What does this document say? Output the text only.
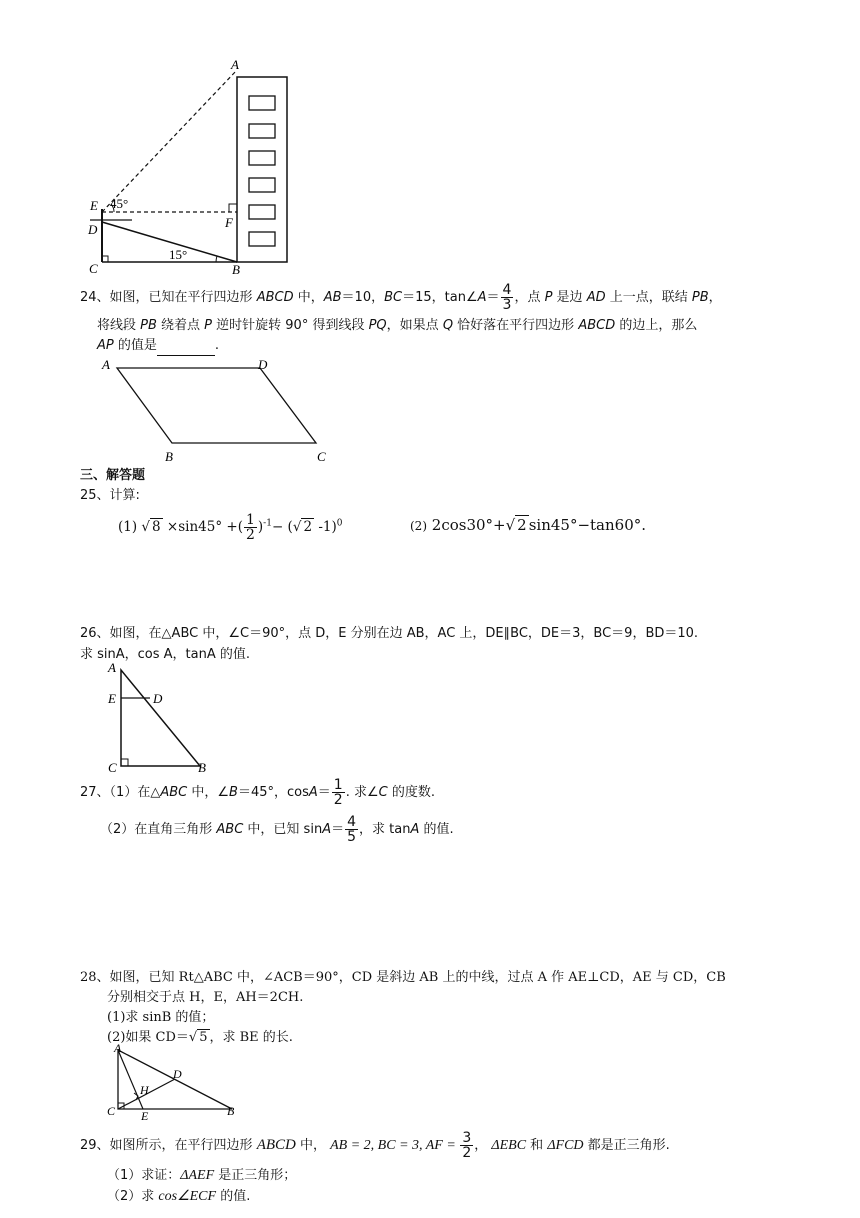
A
E 45°
D	F
15°
C	B
24、如图，已知在平行四边形 ABCD 中，AB＝10，BC＝15，tan∠A＝ $\frac{4}{3}$ ，点 P 是边 AD 上一点，联结 PB，
将线段 PB 绕着点 P 逆时针旋转 90° 得到线段 PQ，如果点 Q 恰好落在平行四边形 ABCD 的边上，那么
AP 的值是	.
A	D
B	C
三、解答题
25、计算:
(1) √ 8 ×sin45° +( $\frac{1}{2} )^{-1}-$ (√ 2 -1)$^0$	(2) 2cos30°+√ 2 sin45°−tan60°.
26、如图，在△ABC 中，∠C＝90°，点 D，E 分别在边 AB，AC 上，DE∥BC，DE＝3，BC＝9，BD＝10.
求 sinA，cos A，tanA 的值.
A
E	D
C	B
27、（1）在△ABC 中，∠B＝45°，$\cos A= \frac{1}{2}$ . 求∠C 的度数.
（2）在直角三角形 ABC 中，已知 $\sin A= \frac{4}{5}$ ，求 tanA 的值.
28、如图，已知 Rt△ABC 中，∠ACB＝90°，CD 是斜边 AB 上的中线，过点 A 作 AE⊥CD，AE 与 CD，CB
分别相交于点 H，E，AH＝2CH.
(1)求 sinB 的值；
(2)如果 CD＝√ 5 ，求 BE 的长.
A
H
D
C E	B
29、如图所示，在平行四边形 ABCD 中， AB = 2, BC = 3, AF = $\frac{3}{2}$ ， ΔEBC 和 ΔFCD 都是正三角形.
（1）求证：ΔAEF 是正三角形；
（2）求 cos∠ECF 的值.
